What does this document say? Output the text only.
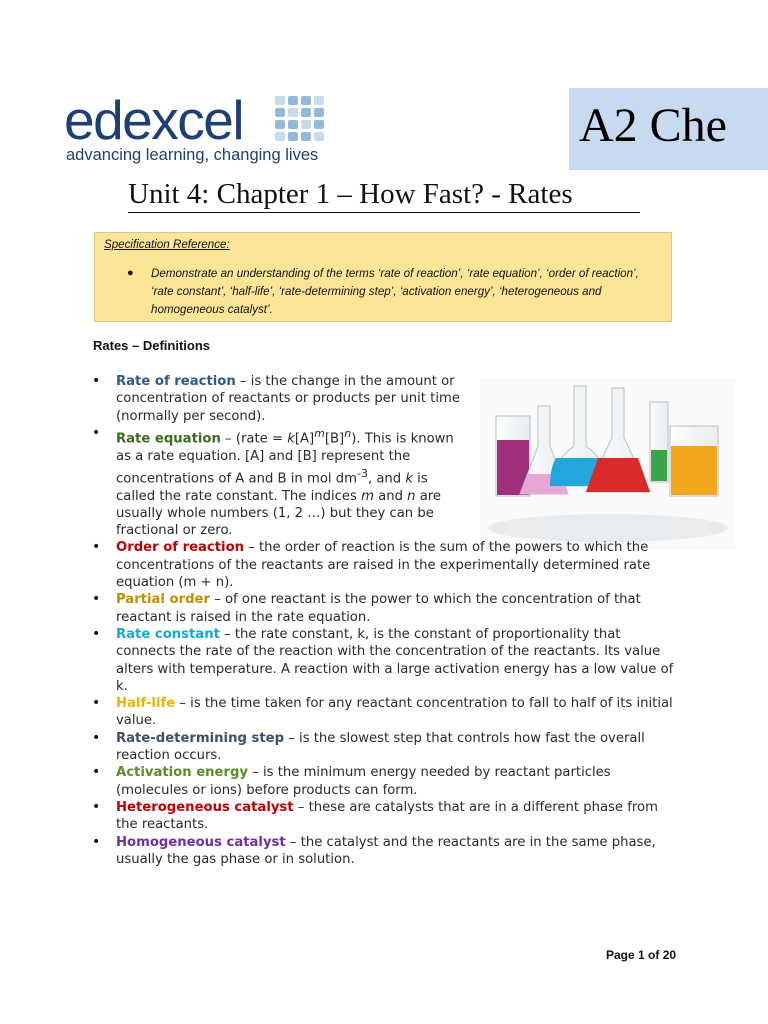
edexcel
advancing learning, changing lives
A2 Che
Unit 4: Chapter 1 – How Fast? - Rates
Specification Reference:
● Demonstrate an understanding of the terms ‘rate of reaction’, ‘rate equation’, ‘order of reaction’, ‘rate constant’, ‘half-life’, ‘rate-determining step’, ‘activation energy’, ‘heterogeneous and homogeneous catalyst’.
Rates – Definitions
• Rate of reaction – is the change in the amount or concentration of reactants or products per unit time (normally per second).
• Rate equation – (rate = $k[A]^m[B]^n$). This is known as a rate equation. [A] and [B] represent the concentrations of A and B in mol $dm^{-3}$, and k is called the rate constant. The indices m and n are usually whole numbers (1, 2 …) but they can be fractional or zero.
• Order of reaction – the order of reaction is the sum of the powers to which the concentrations of the reactants are raised in the experimentally determined rate equation (m + n).
• Partial order – of one reactant is the power to which the concentration of that reactant is raised in the rate equation.
• Rate constant – the rate constant, k, is the constant of proportionality that connects the rate of the reaction with the concentration of the reactants. Its value alters with temperature. A reaction with a large activation energy has a low value of k.
• Half-life – is the time taken for any reactant concentration to fall to half of its initial value.
• Rate-determining step – is the slowest step that controls how fast the overall reaction occurs.
• Activation energy – is the minimum energy needed by reactant particles (molecules or ions) before products can form.
• Heterogeneous catalyst – these are catalysts that are in a different phase from the reactants.
• Homogeneous catalyst – the catalyst and the reactants are in the same phase, usually the gas phase or in solution.
Page 1 of 20
